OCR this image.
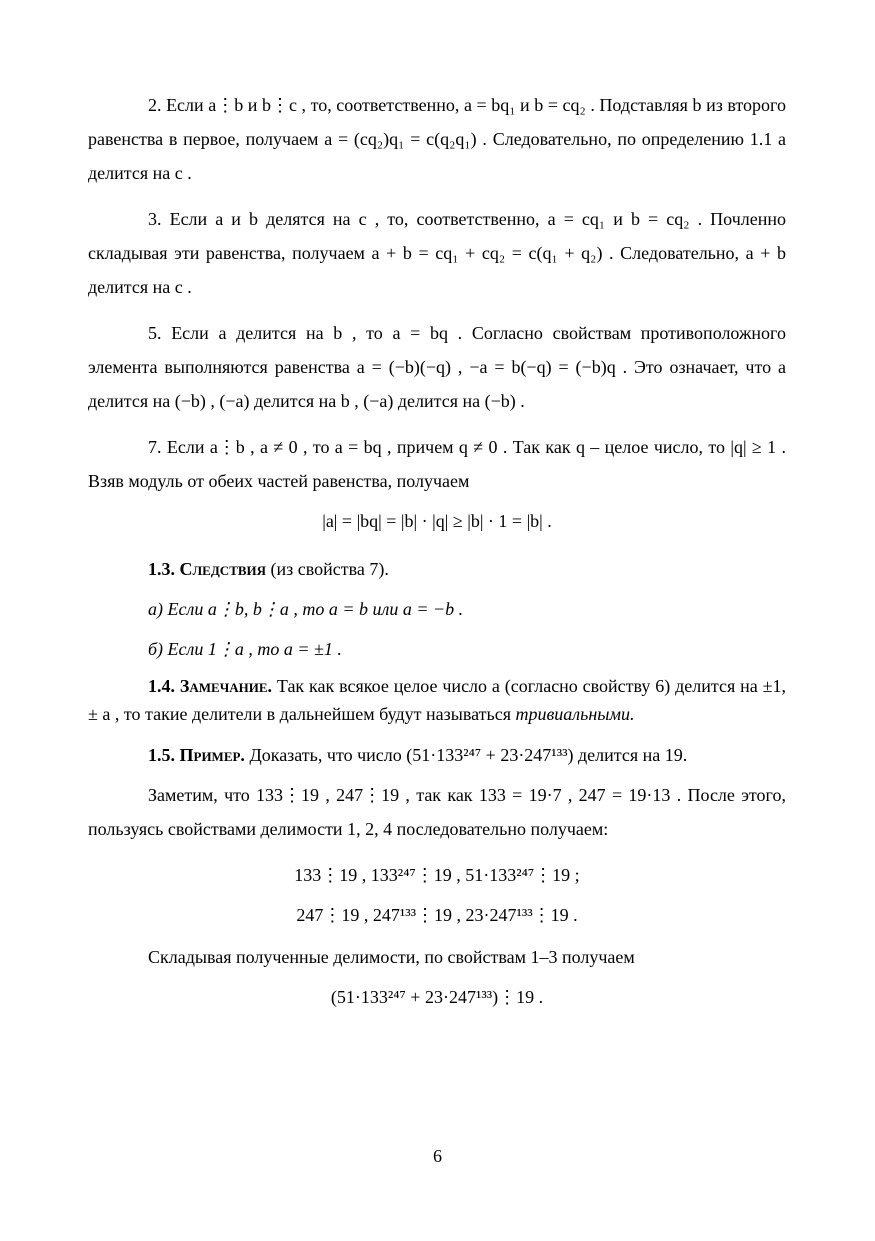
2. Если a⋮b и b⋮c , то, соответственно, a = bq₁ и b = cq₂ . Подставляя b из второго равенства в первое, получаем a = (cq₂)q₁ = c(q₂q₁) . Следовательно, по определению 1.1 a делится на c .

3. Если a и b делятся на c , то, соответственно, a = cq₁ и b = cq₂ . Почленно складывая эти равенства, получаем a + b = cq₁ + cq₂ = c(q₁ + q₂) . Следовательно, a + b делится на c .

5. Если a делится на b , то a = bq . Согласно свойствам противоположного элемента выполняются равенства a = (−b)(−q) , −a = b(−q) = (−b)q . Это означает, что a делится на (−b) , (−a) делится на b , (−a) делится на (−b) .

7. Если a⋮b , a ≠ 0 , то a = bq , причем q ≠ 0 . Так как q – целое число, то |q| ≥ 1 . Взяв модуль от обеих частей равенства, получаем

|a| = |bq| = |b| · |q| ≥ |b| · 1 = |b| .

1.3. Следствия (из свойства 7).

а) Если a⋮b, b⋮a , то a = b или a = −b .

б) Если 1⋮a , то a = ±1 .

1.4. Замечание. Так как всякое целое число a (согласно свойству 6) делится на ±1, ± a , то такие делители в дальнейшем будут называться тривиальными.

1.5. Пример. Доказать, что число (51·133²⁴⁷ + 23·247¹³³) делится на 19.

Заметим, что 133⋮19 , 247⋮19 , так как 133 = 19·7 , 247 = 19·13 . После этого, пользуясь свойствами делимости 1, 2, 4 последовательно получаем:

133⋮19 , 133²⁴⁷⋮19 , 51·133²⁴⁷⋮19 ;

247⋮19 , 247¹³³⋮19 , 23·247¹³³⋮19 .

Складывая полученные делимости, по свойствам 1–3 получаем

(51·133²⁴⁷ + 23·247¹³³)⋮19 .

6
